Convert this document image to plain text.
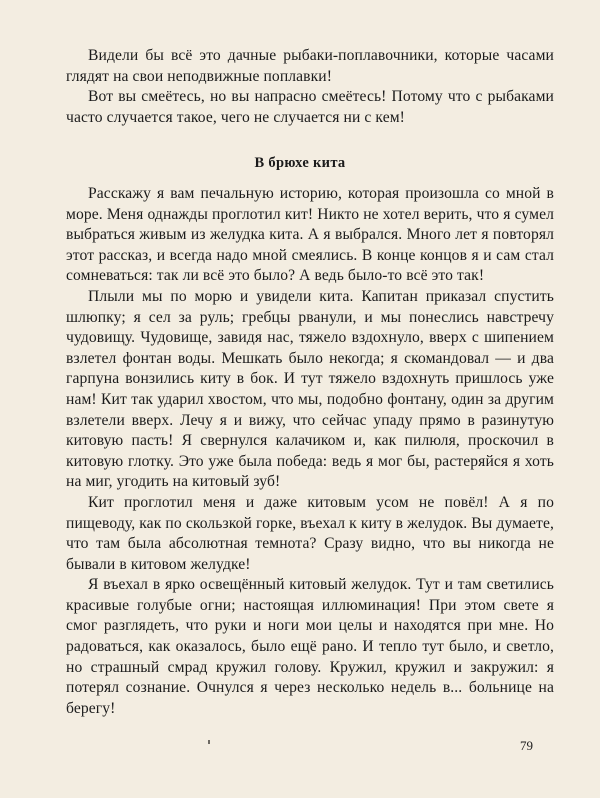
Видели бы всё это дачные рыбаки-поплавочники, которые часами глядят на свои неподвижные поплавки!

Вот вы смеётесь, но вы напрасно смеётесь! Потому что с рыбаками часто случается такое, чего не случается ни с кем!

В брюхе кита

Расскажу я вам печальную историю, которая произошла со мной в море. Меня однажды проглотил кит! Никто не хотел верить, что я сумел выбраться живым из желудка кита. А я выбрался. Много лет я повторял этот рассказ, и всегда надо мной смеялись. В конце концов я и сам стал сомневаться: так ли всё это было? А ведь было-то всё это так!

Плыли мы по морю и увидели кита. Капитан приказал спустить шлюпку; я сел за руль; гребцы рванули, и мы понеслись навстречу чудовищу. Чудовище, завидя нас, тяжело вздохнуло, вверх с шипением взлетел фонтан воды. Мешкать было некогда; я скомандовал — и два гарпуна вонзились киту в бок. И тут тяжело вздохнуть пришлось уже нам! Кит так ударил хвостом, что мы, подобно фонтану, один за другим взлетели вверх. Лечу я и вижу, что сейчас упаду прямо в разинутую китовую пасть! Я свернулся калачиком и, как пилюля, проскочил в китовую глотку. Это уже была победа: ведь я мог бы, растеряйся я хоть на миг, угодить на китовый зуб!

Кит проглотил меня и даже китовым усом не повёл! А я по пищеводу, как по скользкой горке, въехал к киту в желудок. Вы думаете, что там была абсолютная темнота? Сразу видно, что вы никогда не бывали в китовом желудке!

Я въехал в ярко освещённый китовый желудок. Тут и там светились красивые голубые огни; настоящая иллюминация! При этом свете я смог разглядеть, что руки и ноги мои целы и находятся при мне. Но радоваться, как оказалось, было ещё рано. И тепло тут было, и светло, но страшный смрад кружил голову. Кружил, кружил и закружил: я потерял сознание. Очнулся я через несколько недель в... больнице на берегу!

79
